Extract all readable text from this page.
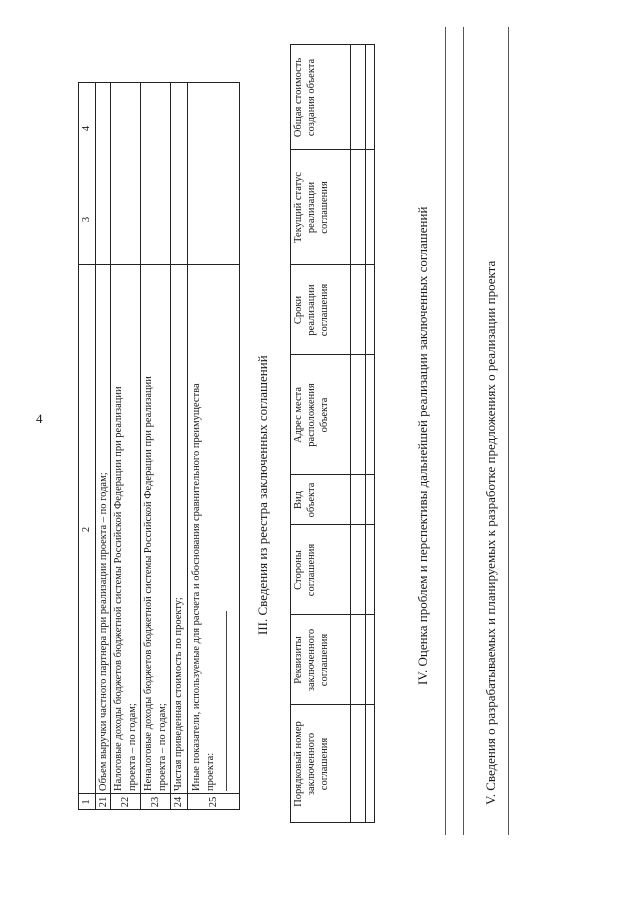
4
1
2
3
4
21
Объем выручки частного партнера при реализации проекта – по годам;
22
Налоговые доходы бюджетов бюджетной системы Российской Федерации при реализации проекта – по годам;
23
Неналоговые доходы бюджетов бюджетной системы Российской Федерации при реализации проекта – по годам;
24
Чистая приведенная стоимость по проекту;
25
Иные показатели, используемые для расчета и обоснования сравнительного преимущества проекта:
III. Сведения из реестра заключенных соглашений
Порядковый номер заключенного соглашения
Реквизиты заключенного соглашения
Стороны соглашения
Вид объекта
Адрес места расположения объекта
Сроки реализации соглашения
Текущий статус реализации соглашения
Общая стоимость создания объекта
IV. Оценка проблем и перспективы дальнейшей реализации заключенных соглашений	V. Сведения о разрабатываемых и планируемых к разработке предложениях о реализации проекта
